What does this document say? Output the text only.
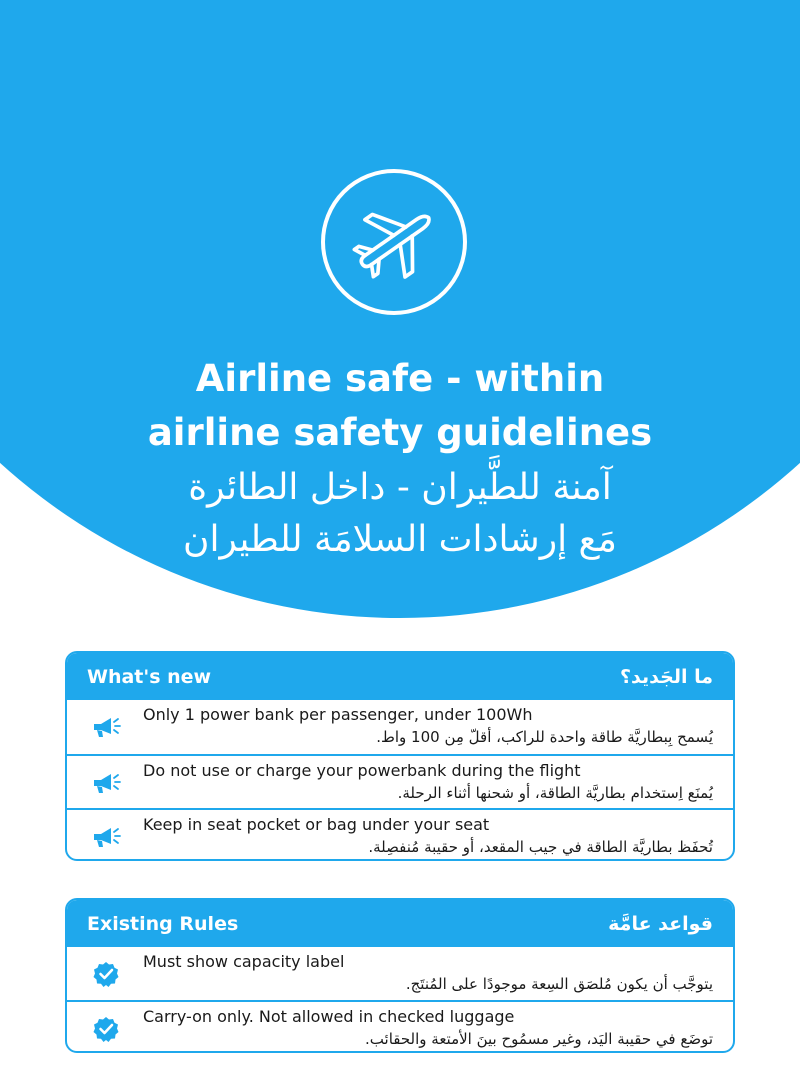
Airline safe - within
airline safety guidelines
آمنة للطَّيران - داخل الطائرة
مَع إرشادات السلامَة للطيران
What's new	ما الجَديد؟
Only 1 power bank per passenger, under 100Wh
يُسمح بِبطاريَّة طاقة واحدة للراكب، أقلّ مِن 100 واط.
Do not use or charge your powerbank during the flight
يُمنَع اِستخدام بطاريَّة الطاقة، أو شحنها أثناء الرحلة.
Keep in seat pocket or bag under your seat
تُحفَظ بطاريَّة الطاقة في جيب المقعد، أو حقيبة مُنفصِلة.
Existing Rules	قواعد عامَّة
Must show capacity label
يتوجَّب أن يكون مُلصَق السِعة موجودًا على المُنتَج.
Carry-on only. Not allowed in checked luggage
توضَع في حقيبة اليَد، وغير مسمُوح بينَ الأمتعة والحقائب.
